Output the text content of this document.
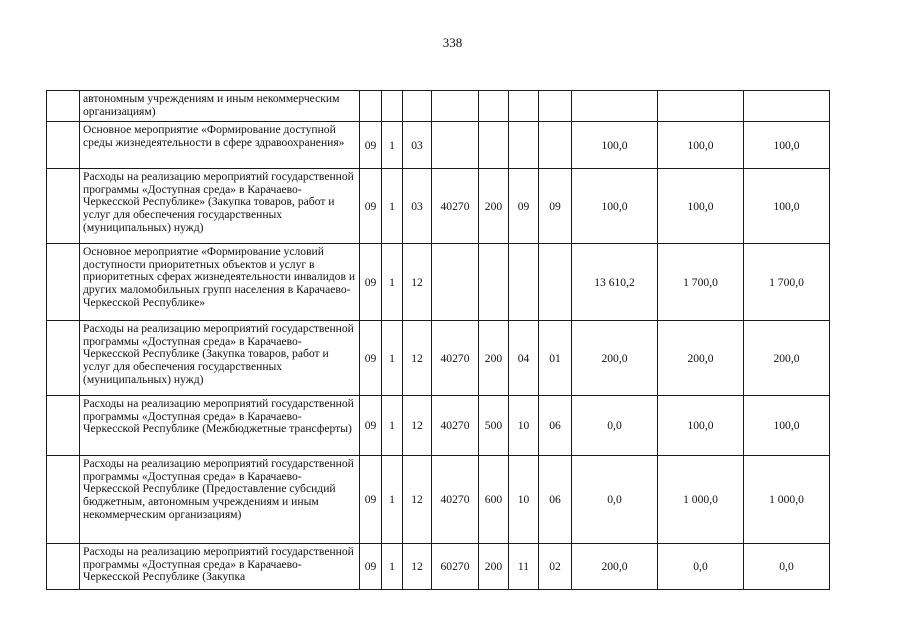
338
	автономным учреждениям и иным некоммерческим организациям)										
	Основное мероприятие «Формирование доступной среды жизнедеятельности в сфере здравоохранения»	09	1	03					100,0	100,0	100,0
	Расходы на реализацию мероприятий государственной программы «Доступная среда» в Карачаево-Черкесской Республике» (Закупка товаров, работ и услуг для обеспечения государственных (муниципальных) нужд)	09	1	03	40270	200	09	09	100,0	100,0	100,0
	Основное мероприятие «Формирование условий доступности приоритетных объектов и услуг в приоритетных сферах жизнедеятельности инвалидов и других маломобильных групп населения в Карачаево-Черкесской Республике»	09	1	12					13 610,2	1 700,0	1 700,0
	Расходы на реализацию мероприятий государственной программы «Доступная среда» в Карачаево-Черкесской Республике (Закупка товаров, работ и услуг для обеспечения государственных (муниципальных) нужд)	09	1	12	40270	200	04	01	200,0	200,0	200,0
	Расходы на реализацию мероприятий государственной программы «Доступная среда» в Карачаево-Черкесской Республике (Межбюджетные трансферты)	09	1	12	40270	500	10	06	0,0	100,0	100,0
	Расходы на реализацию мероприятий государственной программы «Доступная среда» в Карачаево-Черкесской Республике (Предоставление субсидий бюджетным, автономным учреждениям и иным некоммерческим организациям)	09	1	12	40270	600	10	06	0,0	1 000,0	1 000,0
	Расходы на реализацию мероприятий государственной программы «Доступная среда» в Карачаево-Черкесской Республике (Закупка	09	1	12	60270	200	11	02	200,0	0,0	0,0
